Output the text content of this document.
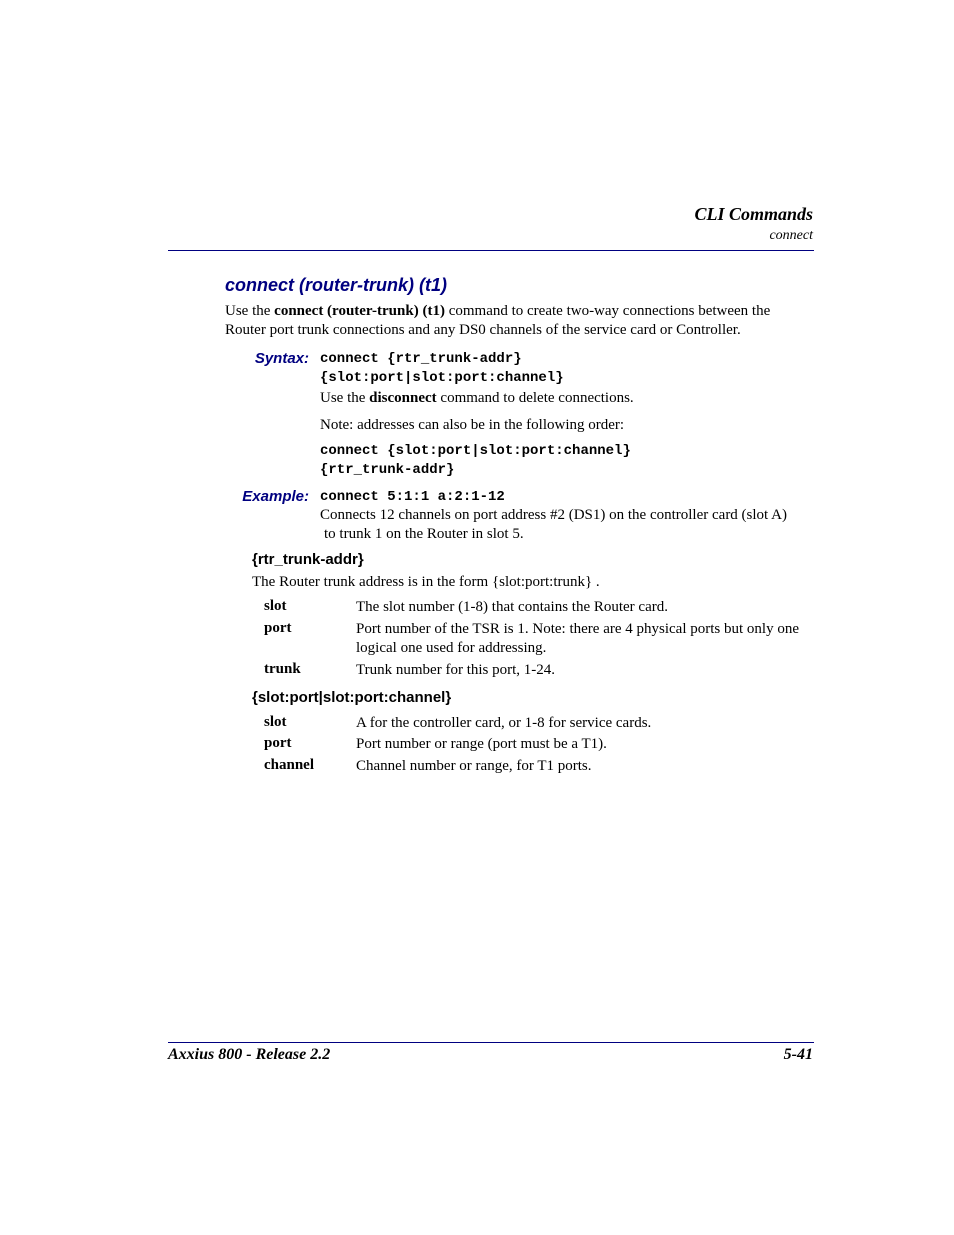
CLI Commands
connect
connect (router-trunk) (t1)
Use the connect (router-trunk) (t1) command to create two-way connections between the
Router port trunk connections and any DS0 channels of the service card or Controller.
Syntax: connect {rtr_trunk-addr}
{slot:port|slot:port:channel}
Use the disconnect command to delete connections.
Note: addresses can also be in the following order:
connect {slot:port|slot:port:channel}
{rtr_trunk-addr}
Example: connect 5:1:1 a:2:1-12
Connects 12 channels on port address #2 (DS1) on the controller card (slot A)
to trunk 1 on the Router in slot 5.
{rtr_trunk-addr}
The Router trunk address is in the form {slot:port:trunk} .
slot	The slot number (1-8) that contains the Router card.
port	Port number of the TSR is 1. Note: there are 4 physical ports but only one logical one used for addressing.
trunk	Trunk number for this port, 1-24.
{slot:port|slot:port:channel}
slot	A for the controller card, or 1-8 for service cards.
port	Port number or range (port must be a T1).
channel	Channel number or range, for T1 ports.
Axxius 800 - Release 2.2	5-41
